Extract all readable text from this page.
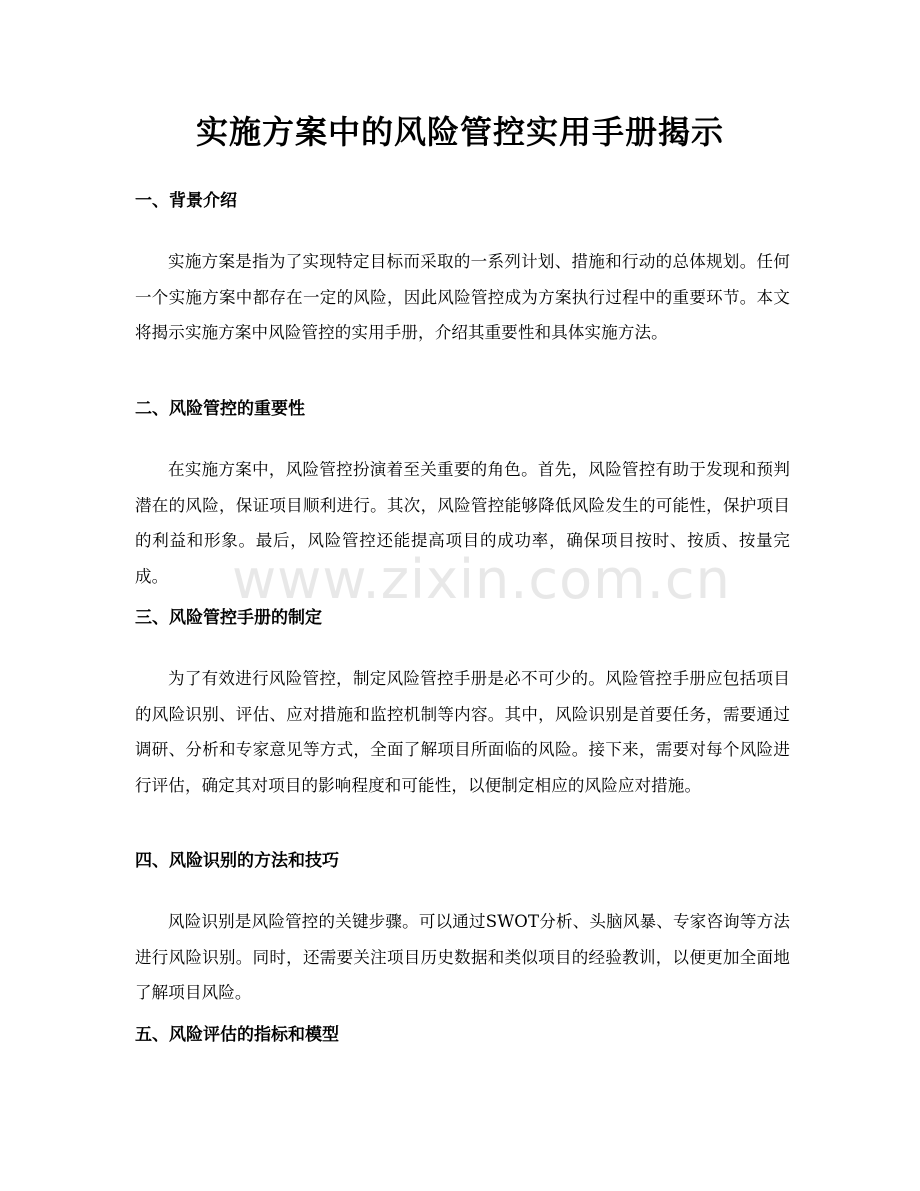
实施方案中的风险管控实用手册揭示
一、背景介绍

实施方案是指为了实现特定目标而采取的一系列计划、措施和行动的总体规划。任何一个实施方案中都存在一定的风险，因此风险管控成为方案执行过程中的重要环节。本文将揭示实施方案中风险管控的实用手册，介绍其重要性和具体实施方法。

二、风险管控的重要性

在实施方案中，风险管控扮演着至关重要的角色。首先，风险管控有助于发现和预判潜在的风险，保证项目顺利进行。其次，风险管控能够降低风险发生的可能性，保护项目的利益和形象。最后，风险管控还能提高项目的成功率，确保项目按时、按质、按量完成。

三、风险管控手册的制定

为了有效进行风险管控，制定风险管控手册是必不可少的。风险管控手册应包括项目的风险识别、评估、应对措施和监控机制等内容。其中，风险识别是首要任务，需要通过调研、分析和专家意见等方式，全面了解项目所面临的风险。接下来，需要对每个风险进行评估，确定其对项目的影响程度和可能性，以便制定相应的风险应对措施。

四、风险识别的方法和技巧

风险识别是风险管控的关键步骤。可以通过SWOT分析、头脑风暴、专家咨询等方法进行风险识别。同时，还需要关注项目历史数据和类似项目的经验教训，以便更加全面地了解项目风险。

五、风险评估的指标和模型
www.zixin.com.cn
